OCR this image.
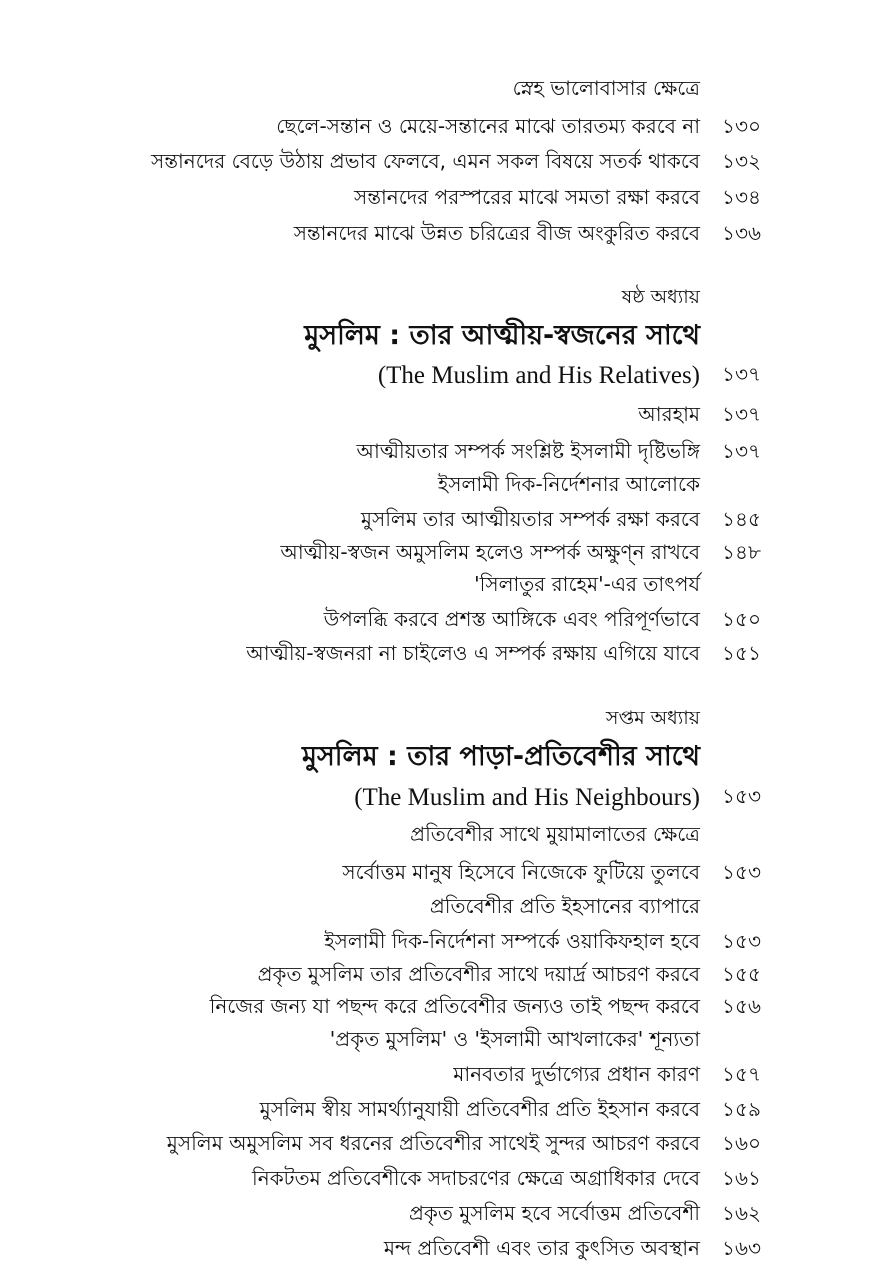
স্নেহ ভালোবাসার ক্ষেত্রে
ছেলে-সন্তান ও মেয়ে-সন্তানের মাঝে তারতম্য করবে না ১৩০
সন্তানদের বেড়ে উঠায় প্রভাব ফেলবে, এমন সকল বিষয়ে সতর্ক থাকবে ১৩২
সন্তানদের পরস্পরের মাঝে সমতা রক্ষা করবে ১৩৪
সন্তানদের মাঝে উন্নত চরিত্রের বীজ অংকুরিত করবে ১৩৬
ষষ্ঠ অধ্যায়
মুসলিম : তার আত্মীয়-স্বজনের সাথে
(The Muslim and His Relatives) ১৩৭
আরহাম ১৩৭
আত্মীয়তার সম্পর্ক সংশ্লিষ্ট ইসলামী দৃষ্টিভঙ্গি ১৩৭
ইসলামী দিক-নির্দেশনার আলোকে
মুসলিম তার আত্মীয়তার সম্পর্ক রক্ষা করবে ১৪৫
আত্মীয়-স্বজন অমুসলিম হলেও সম্পর্ক অক্ষুণ্ন রাখবে ১৪৮
'সিলাতুর রাহেম'-এর তাৎপর্য
উপলব্ধি করবে প্রশস্ত আঙ্গিকে এবং পরিপূর্ণভাবে ১৫০
আত্মীয়-স্বজনরা না চাইলেও এ সম্পর্ক রক্ষায় এগিয়ে যাবে ১৫১
সপ্তম অধ্যায়
মুসলিম : তার পাড়া-প্রতিবেশীর সাথে
(The Muslim and His Neighbours) ১৫৩
প্রতিবেশীর সাথে মুয়ামালাতের ক্ষেত্রে
সর্বোত্তম মানুষ হিসেবে নিজেকে ফুটিয়ে তুলবে ১৫৩
প্রতিবেশীর প্রতি ইহসানের ব্যাপারে
ইসলামী দিক-নির্দেশনা সম্পর্কে ওয়াকিফহাল হবে ১৫৩
প্রকৃত মুসলিম তার প্রতিবেশীর সাথে দয়ার্দ্র আচরণ করবে ১৫৫
নিজের জন্য যা পছন্দ করে প্রতিবেশীর জন্যও তাই পছন্দ করবে ১৫৬
'প্রকৃত মুসলিম' ও 'ইসলামী আখলাকের' শূন্যতা
মানবতার দুর্ভাগ্যের প্রধান কারণ ১৫৭
মুসলিম স্বীয় সামর্থ্যানুযায়ী প্রতিবেশীর প্রতি ইহসান করবে ১৫৯
মুসলিম অমুসলিম সব ধরনের প্রতিবেশীর সাথেই সুন্দর আচরণ করবে ১৬০
নিকটতম প্রতিবেশীকে সদাচরণের ক্ষেত্রে অগ্রাধিকার দেবে ১৬১
প্রকৃত মুসলিম হবে সর্বোত্তম প্রতিবেশী ১৬২
মন্দ প্রতিবেশী এবং তার কুৎসিত অবস্থান ১৬৩
